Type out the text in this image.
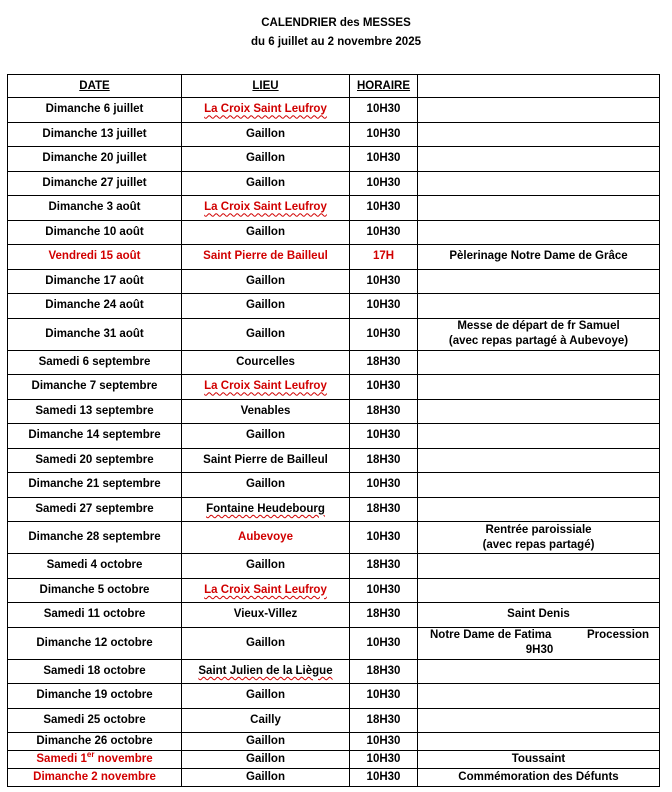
CALENDRIER des MESSES
du 6 juillet au 2 novembre 2025
DATE	LIEU	HORAIRE	
Dimanche 6 juillet	La Croix Saint Leufroy	10H30	
Dimanche 13 juillet	Gaillon	10H30	
Dimanche 20 juillet	Gaillon	10H30	
Dimanche 27 juillet	Gaillon	10H30	
Dimanche 3 août	La Croix Saint Leufroy	10H30	
Dimanche 10 août	Gaillon	10H30	
Vendredi 15 août	Saint Pierre de Bailleul	17H	Pèlerinage Notre Dame de Grâce
Dimanche 17 août	Gaillon	10H30	
Dimanche 24 août	Gaillon	10H30	
Dimanche 31 août	Gaillon	10H30	Messe de départ de fr Samuel
(avec repas partagé à Aubevoye)
Samedi 6 septembre	Courcelles	18H30	
Dimanche 7 septembre	La Croix Saint Leufroy	10H30	
Samedi 13 septembre	Venables	18H30	
Dimanche 14 septembre	Gaillon	10H30	
Samedi 20 septembre	Saint Pierre de Bailleul	18H30	
Dimanche 21 septembre	Gaillon	10H30	
Samedi 27 septembre	Fontaine Heudebourg	18H30	
Dimanche 28 septembre	Aubevoye	10H30	Rentrée paroissiale
(avec repas partagé)
Samedi 4 octobre	Gaillon	18H30	
Dimanche 5 octobre	La Croix Saint Leufroy	10H30	
Samedi 11 octobre	Vieux-Villez	18H30	Saint Denis
Dimanche 12 octobre	Gaillon	10H30	Notre Dame de Fatima Procession
9H30

Samedi 18 octobre	Saint Julien de la Liègue	18H30	
Dimanche 19 octobre	Gaillon	10H30	
Samedi 25 octobre	Cailly	18H30	
Dimanche 26 octobre	Gaillon	10H30	
Samedi 1er novembre	Gaillon	10H30	Toussaint
Dimanche 2 novembre	Gaillon	10H30	Commémoration des Défunts
